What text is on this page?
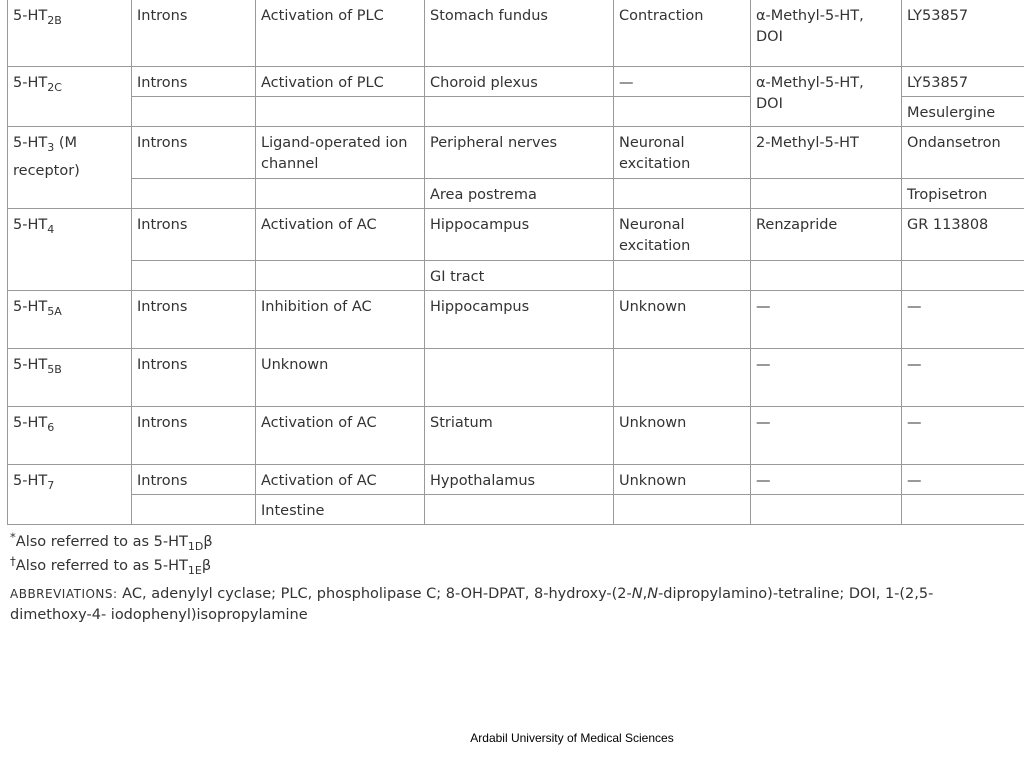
$5-HT_{2B}$	Introns	Activation of PLC	Stomach fundus	Contraction	α-Methyl-5-HT, DOI	LY53857
$5-HT_{2C}$	Introns	Activation of PLC	Choroid plexus	—	α-Methyl-5-HT, DOI	LY53857
						Mesulergine
$5-HT_3$ (M receptor)	Introns	Ligand-operated ion channel	Peripheral nerves	Neuronal excitation	2-Methyl-5-HT	Ondansetron
			Area postrema			Tropisetron
$5-HT_4$	Introns	Activation of AC	Hippocampus	Neuronal excitation	Renzapride	GR 113808
			GI tract			
$5-HT_{5A}$	Introns	Inhibition of AC	Hippocampus	Unknown	—	—
$5-HT_{5B}$	Introns	Unknown			—	—
$5-HT_6$	Introns	Activation of AC	Striatum	Unknown	—	—
$5-HT_7$	Introns	Activation of AC	Hypothalamus	Unknown	—	—
		Intestine				
*Also referred to as $5-HT_{1D}\beta$
†Also referred to as $5-HT_{1E}\beta$
ABBREVIATIONS: AC, adenylyl cyclase; PLC, phospholipase C; 8-OH-DPAT, 8-hydroxy-(2-N,N-dipropylamino)-tetraline; DOI, 1-(2,5-dimethoxy-4- iodophenyl)isopropylamine
Ardabil University of Medical Sciences
